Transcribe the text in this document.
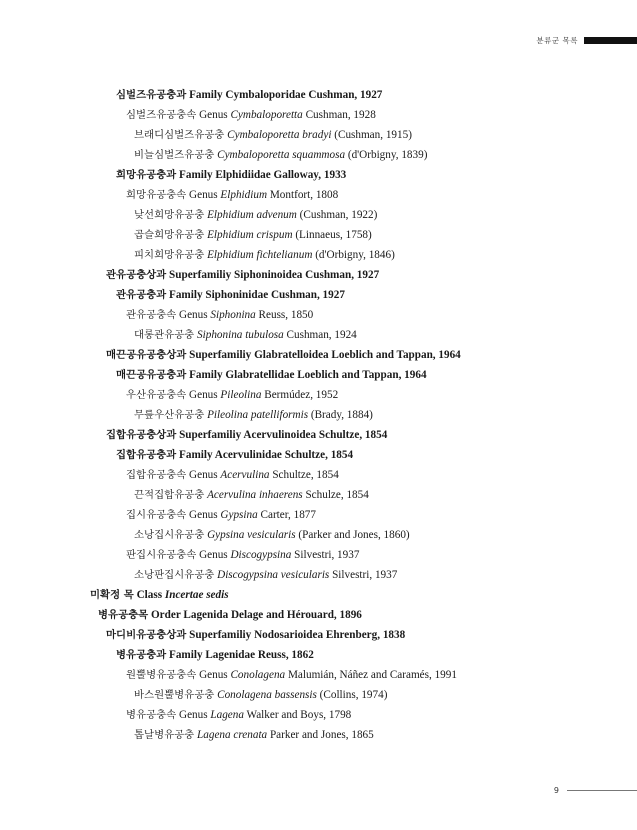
분류군 목록
심벌즈유공충과 Family Cymbaloporidae Cushman, 1927
심벌즈유공충속 Genus Cymbaloporetta Cushman, 1928
브래디심벌즈유공충 Cymbaloporetta bradyi (Cushman, 1915)
비늘심벌즈유공충 Cymbaloporetta squammosa (d'Orbigny, 1839)
희망유공충과 Family Elphidiidae Galloway, 1933
희망유공충속 Genus Elphidium Montfort, 1808
낮선희망유공충 Elphidium advenum (Cushman, 1922)
곱슬희망유공충 Elphidium crispum (Linnaeus, 1758)
피치희망유공충 Elphidium fichtelianum (d'Orbigny, 1846)
관유공충상과 Superfamiliy Siphoninoidea Cushman, 1927
관유공충과 Family Siphoninidae Cushman, 1927
관유공충속 Genus Siphonina Reuss, 1850
대롱관유공충 Siphonina tubulosa Cushman, 1924
매끈공유공충상과 Superfamiliy Glabratelloidea Loeblich and Tappan, 1964
매끈공유공충과 Family Glabratellidae Loeblich and Tappan, 1964
우산유공충속 Genus Pileolina Bermúdez, 1952
무릎우산유공충 Pileolina patelliformis (Brady, 1884)
집합유공충상과 Superfamiliy Acervulinoidea Schultze, 1854
집합유공충과 Family Acervulinidae Schultze, 1854
집합유공충속 Genus Acervulina Schultze, 1854
끈적집합유공충 Acervulina inhaerens Schulze, 1854
집시유공충속 Genus Gypsina Carter, 1877
소낭집시유공충 Gypsina vesicularis (Parker and Jones, 1860)
판집시유공충속 Genus Discogypsina Silvestri, 1937
소낭판집시유공충 Discogypsina vesicularis Silvestri, 1937
미확정 목 Class Incertae sedis
병유공충목 Order Lagenida Delage and Hérouard, 1896
마디비유공충상과 Superfamiliy Nodosarioidea Ehrenberg, 1838
병유공충과 Family Lagenidae Reuss, 1862
원뿔병유공충속 Genus Conolagena Malumián, Náñez and Caramés, 1991
바스원뿔병유공충 Conolagena bassensis (Collins, 1974)
병유공충속 Genus Lagena Walker and Boys, 1798
톱날병유공충 Lagena crenata Parker and Jones, 1865
9
